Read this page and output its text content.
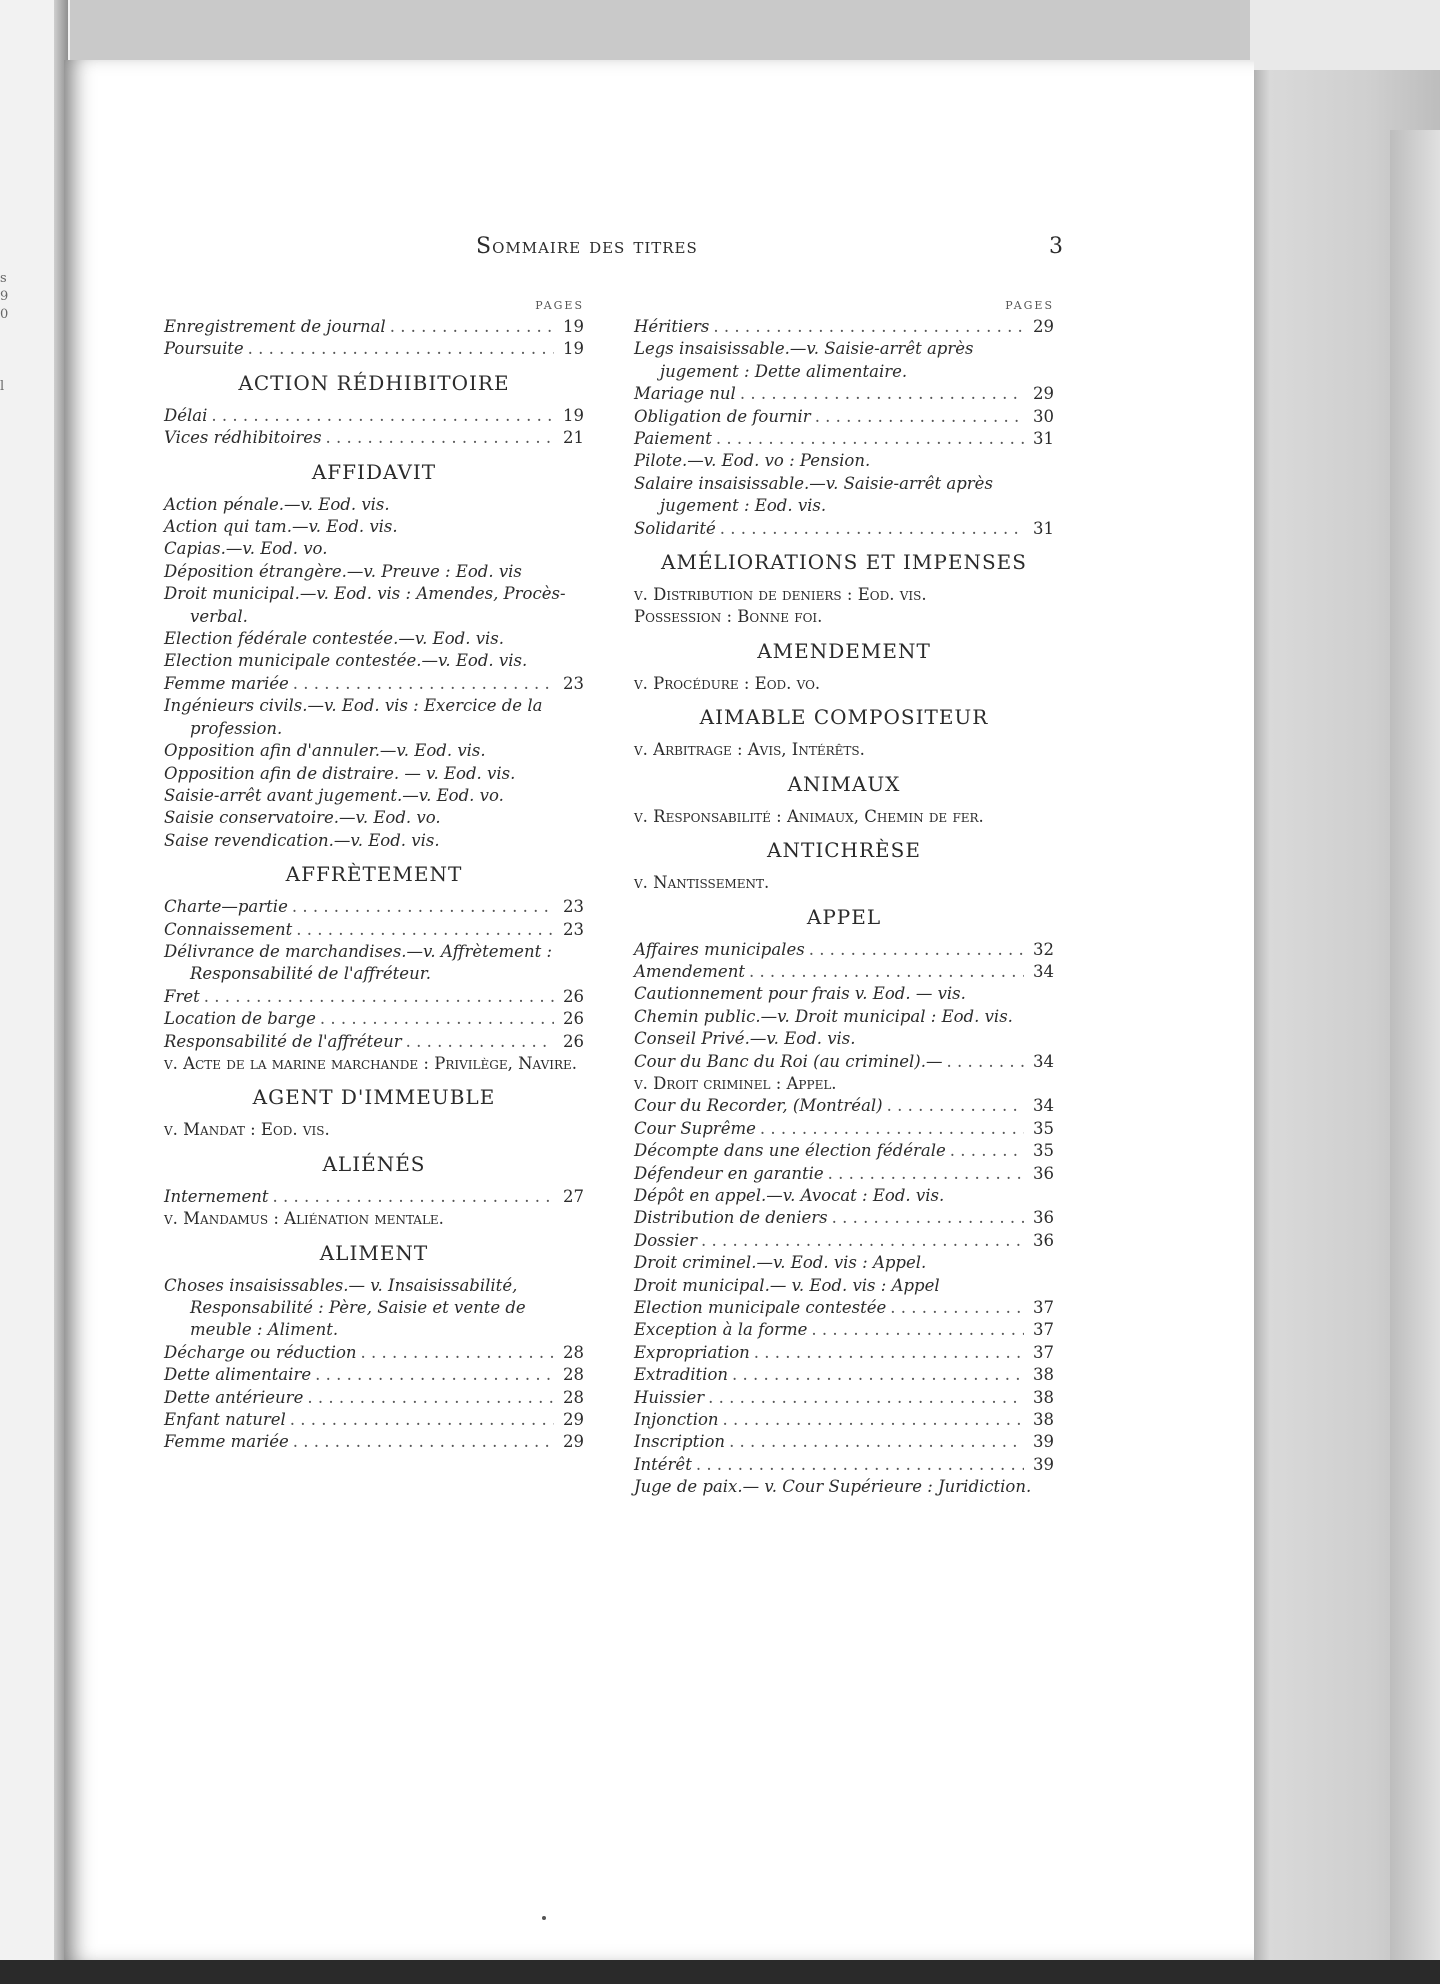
s
9
0
l
Sommaire des titres	3
PAGES
Enregistrement de journal . . .	19
Poursuite . . .	19
ACTION RÉDHIBITOIRE
Délai . . .	19
Vices rédhibitoires . . .	21
AFFIDAVIT
Action pénale.—v. Eod. vis.
Action qui tam.—v. Eod. vis.
Capias.—v. Eod. vo.
Déposition étrangère.—v. Preuve : Eod. vis
Droit municipal.—v. Eod. vis : Amendes, Procès-verbal.
Election fédérale contestée.—v. Eod. vis.
Election municipale contestée.—v. Eod. vis.
Femme mariée . . .	23
Ingénieurs civils.—v. Eod. vis : Exercice de la profession.
Opposition afin d'annuler.—v. Eod. vis.
Opposition afin de distraire. — v. Eod. vis.
Saisie-arrêt avant jugement.—v. Eod. vo.
Saisie conservatoire.—v. Eod. vo.
Saise revendication.—v. Eod. vis.
AFFRÈTEMENT
Charte—partie . . .	23
Connaissement . . .	23
Délivrance de marchandises.—v. Affrètement : Responsabilité de l'affréteur.
Fret . . .	26
Location de barge . . .	26
Responsabilité de l'affréteur . . .	26
v. Acte de la marine marchande : Privilège, Navire.
AGENT D'IMMEUBLE
v. Mandat : Eod. vis.
ALIÉNÉS
Internement . . .	27
v. Mandamus : Aliénation mentale.
ALIMENT
Choses insaisissables.— v. Insaisissabilité, Responsabilité : Père, Saisie et vente de meuble : Aliment.
Décharge ou réduction . . .	28
Dette alimentaire . . .	28
Dette antérieure . . .	28
Enfant naturel . . .	29
Femme mariée . . .	29
PAGES
Héritiers . . .	29
Legs insaisissable.—v. Saisie-arrêt après jugement : Dette alimentaire.
Mariage nul . . .	29
Obligation de fournir . . .	30
Paiement . . .	31
Pilote.—v. Eod. vo : Pension.
Salaire insaisissable.—v. Saisie-arrêt après jugement : Eod. vis.
Solidarité . . .	31
AMÉLIORATIONS ET IMPENSES
v. Distribution de deniers : Eod. vis.
Possession : Bonne foi.
AMENDEMENT
v. Procédure : Eod. vo.
AIMABLE COMPOSITEUR
v. Arbitrage : Avis, Intérêts.
ANIMAUX
v. Responsabilité : Animaux, Chemin de fer.
ANTICHRÈSE
v. Nantissement.
APPEL
Affaires municipales . . .	32
Amendement . . .	34
Cautionnement pour frais v. Eod. — vis.
Chemin public.—v. Droit municipal : Eod. vis.
Conseil Privé.—v. Eod. vis.
Cour du Banc du Roi (au criminel).— . . .	34
v. Droit criminel : Appel.
Cour du Recorder, (Montréal) . . .	34
Cour Suprême . . .	35
Décompte dans une élection fédérale . . .	35
Défendeur en garantie . . .	36
Dépôt en appel.—v. Avocat : Eod. vis.
Distribution de deniers . . .	36
Dossier . . .	36
Droit criminel.—v. Eod. vis : Appel.
Droit municipal.— v. Eod. vis : Appel
Election municipale contestée . . .	37
Exception à la forme . . .	37
Expropriation . . .	37
Extradition . . .	38
Huissier . . .	38
Injonction . . .	38
Inscription . . .	39
Intérêt . . .	39
Juge de paix.— v. Cour Supérieure : Juridiction.
